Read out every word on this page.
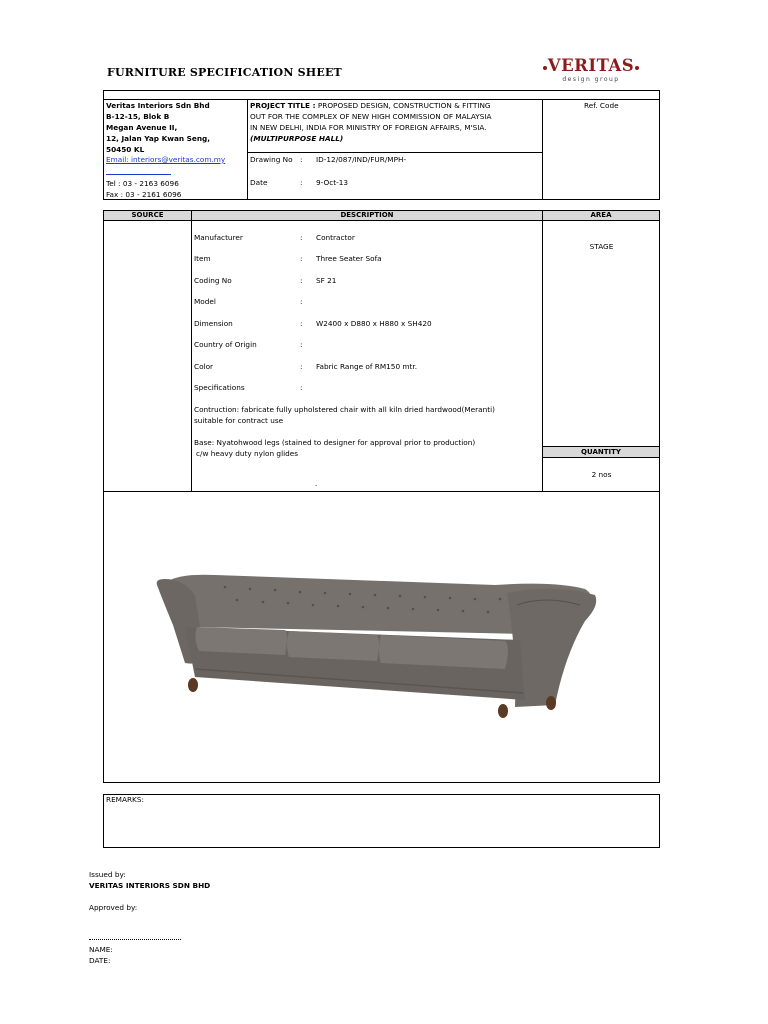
FURNITURE SPECIFICATION SHEET	VERITAS
design group
Veritas Interiors Sdn Bhd
B-12-15, Blok B
Megan Avenue II,
12, Jalan Yap Kwan Seng,
50450 KL
Email: interiors@veritas.com.my
Tel : 03 - 2163 6096
Fax : 03 - 2161 6096
PROJECT TITLE : PROPOSED DESIGN, CONSTRUCTION & FITTING
OUT FOR THE COMPLEX OF NEW HIGH COMMISSION OF MALAYSIA
IN NEW DELHI, INDIA FOR MINISTRY OF FOREIGN AFFAIRS, M'SIA.
(MULTIPURPOSE HALL)
Drawing No : ID-12/087/IND/FUR/MPH-
Date	: 9-Oct-13
Ref. Code
SOURCE	DESCRIPTION	AREA
STAGE
QUANTITY
2 nos
Manufacturer	: Contractor
Item	: Three Seater Sofa
Coding No	: SF 21
Model	:
Dimension	: W2400 x D880 x H880 x SH420
Country of Origin	:
Color	: Fabric Range of RM150 mtr.
Specifications	:
Contruction: fabricate fully upholstered chair with all kiln dried hardwood(Meranti)
suitable for contract use
Base: Nyatohwood legs (stained to designer for approval prior to production)
c/w heavy duty nylon glides
.
REMARKS:
Issued by:
VERITAS INTERIORS SDN BHD
Approved by:
NAME:
DATE:
